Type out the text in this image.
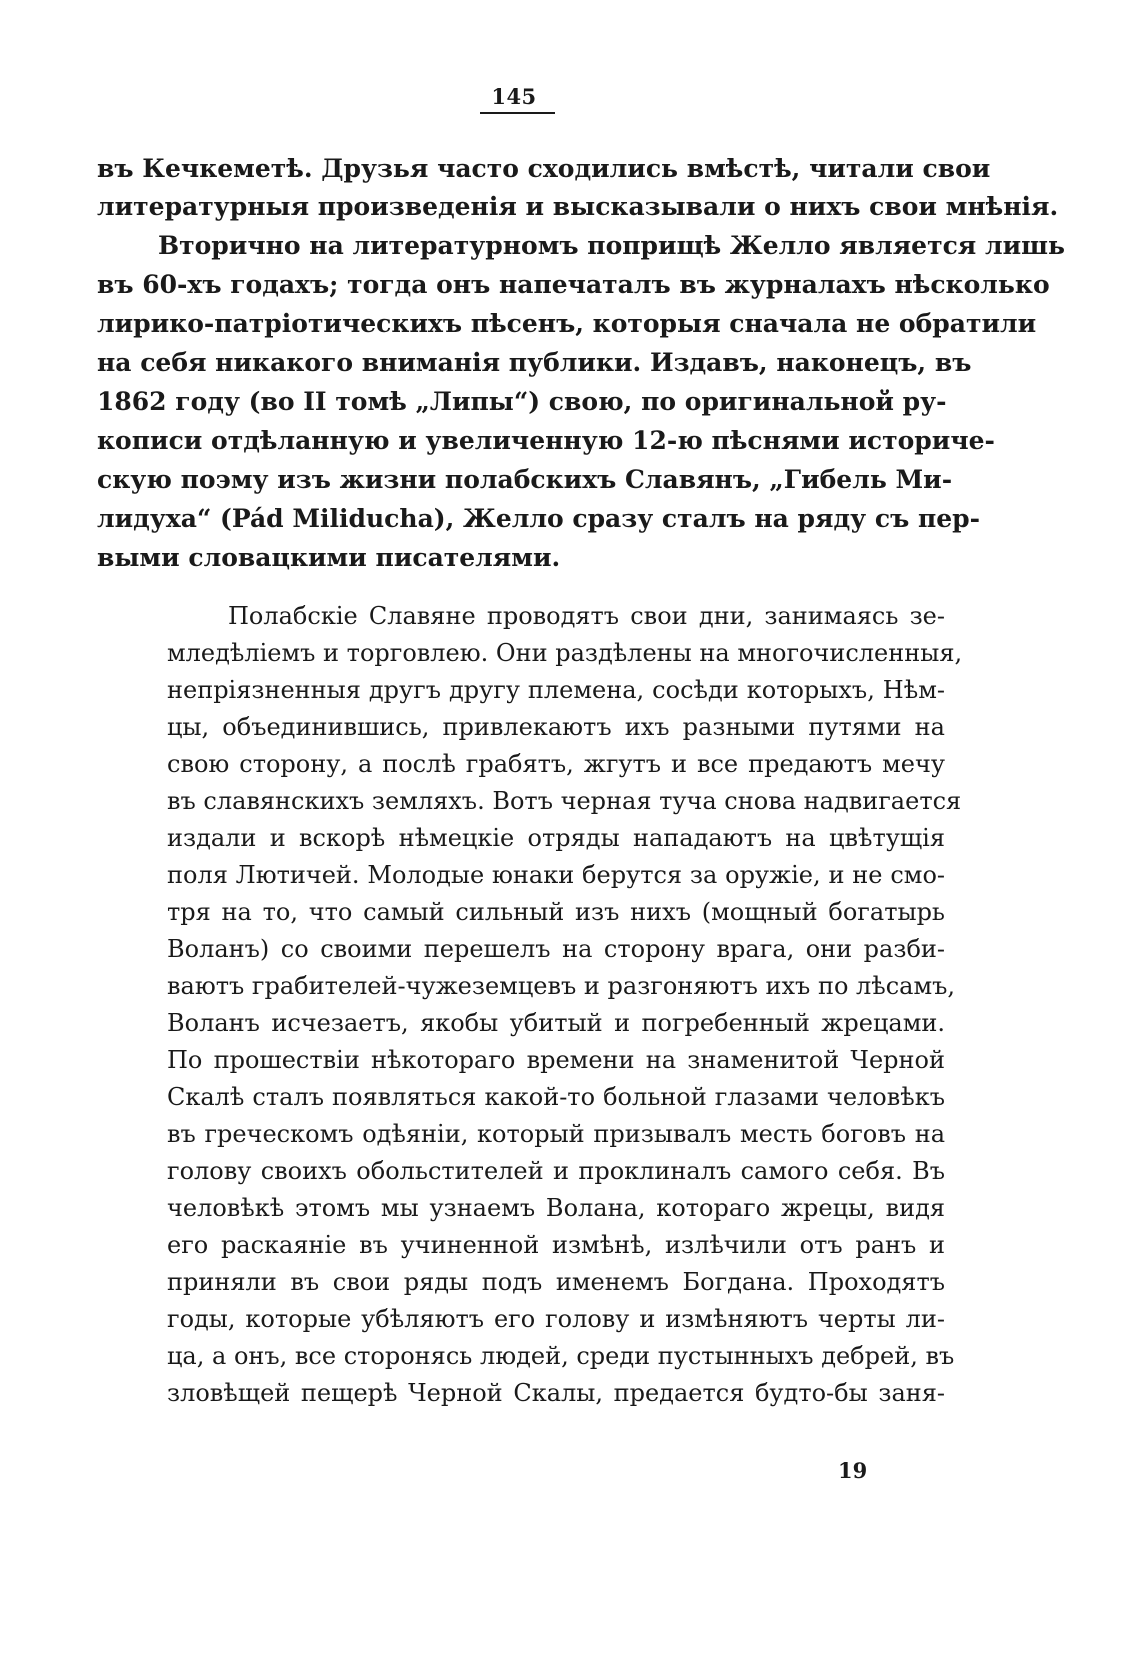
145
въ Кечкеметѣ. Друзья часто сходились вмѣстѣ, читали свои
литературныя произведенія и высказывали о нихъ свои мнѣнія.
Вторично на литературномъ поприщѣ Желло является лишь
въ 60-хъ годахъ; тогда онъ напечаталъ въ журналахъ нѣсколько
лирико-патріотическихъ пѣсенъ, которыя сначала не обратили
на себя никакого вниманія публики. Издавъ, наконецъ, въ
1862 году (во II томѣ „Липы“) свою, по оригинальной ру-
кописи отдѣланную и увеличенную 12-ю пѣснями историче-
скую поэму изъ жизни полабскихъ Славянъ, „Гибель Ми-
лидуха“ (Pád Miliducha), Желло сразу сталъ на ряду съ пер-
выми словацкими писателями.
Полабскіе Славяне проводятъ свои дни, занимаясь зе-
мледѣліемъ и торговлею. Они раздѣлены на многочисленныя,
непріязненныя другъ другу племена, сосѣди которыхъ, Нѣм-
цы, объединившись, привлекаютъ ихъ разными путями на
свою сторону, а послѣ грабятъ, жгутъ и все предаютъ мечу
въ славянскихъ земляхъ. Вотъ черная туча снова надвигается
издали и вскорѣ нѣмецкіе отряды нападаютъ на цвѣтущія
поля Лютичей. Молодые юнаки берутся за оружіе, и не смо-
тря на то, что самый сильный изъ нихъ (мощный богатырь
Воланъ) со своими перешелъ на сторону врага, они разби-
ваютъ грабителей-чужеземцевъ и разгоняютъ ихъ по лѣсамъ,
Воланъ исчезаетъ, якобы убитый и погребенный жрецами.
По прошествіи нѣкотораго времени на знаменитой Черной
Скалѣ сталъ появляться какой-то больной глазами человѣкъ
въ греческомъ одѣяніи, который призывалъ месть боговъ на
голову своихъ обольстителей и проклиналъ самого себя. Въ
человѣкѣ этомъ мы узнаемъ Волана, котораго жрецы, видя
его раскаяніе въ учиненной измѣнѣ, излѣчили отъ ранъ и
приняли въ свои ряды подъ именемъ Богдана. Проходятъ
годы, которые убѣляютъ его голову и измѣняютъ черты ли-
ца, а онъ, все сторонясь людей, среди пустынныхъ дебрей, въ
зловѣщей пещерѣ Черной Скалы, предается будто-бы заня-
19
